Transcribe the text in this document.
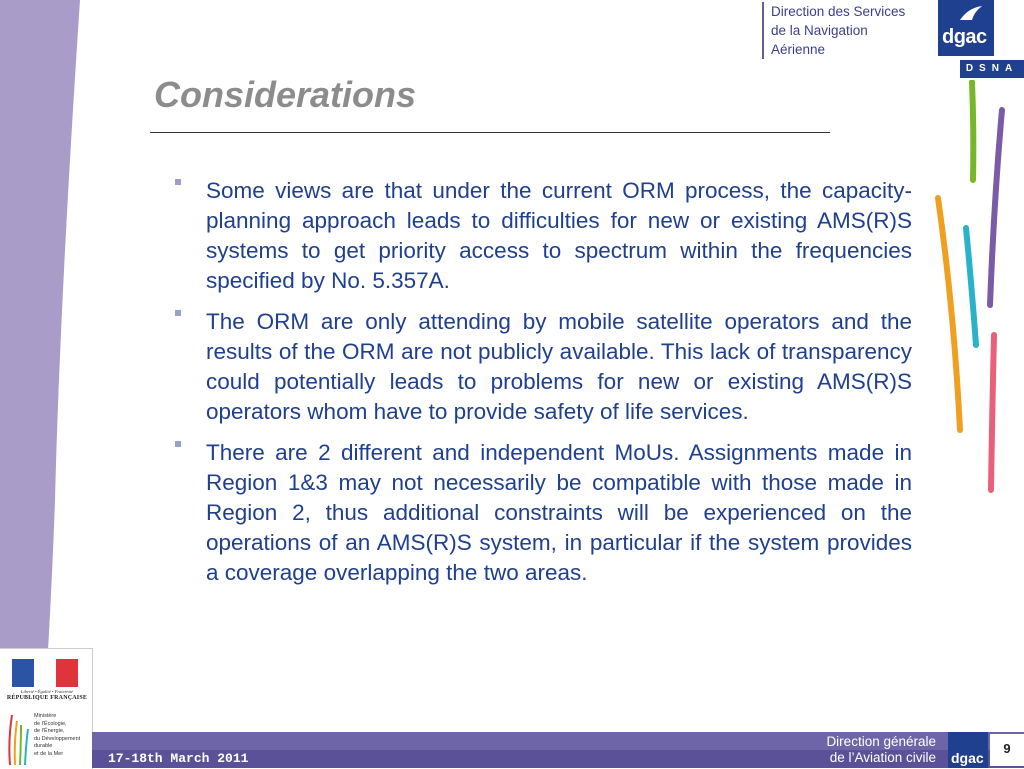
Direction des Services
de la Navigation
Aérienne
dgac
DSNA
Considerations
Some views are that under the current ORM process, the capacity-planning approach leads to difficulties for new or existing AMS(R)S systems to get priority access to spectrum within the frequencies specified by No. 5.357A.
The ORM are only attending by mobile satellite operators and the results of the ORM are not publicly available. This lack of transparency could potentially leads to problems for new or existing AMS(R)S operators whom have to provide safety of life services.
There are 2 different and independent MoUs. Assignments made in Region 1&3 may not necessarily be compatible with those made in Region 2, thus additional constraints will be experienced on the operations of an AMS(R)S system, in particular if the system provides a coverage overlapping the two areas.
Liberté • Égalité • Fraternité
RÉPUBLIQUE FRANÇAISE
Ministère
de l'Écologie,
de l'Énergie,
du Développement
durable
et de la Mer	17-18th March 2011
Direction générale
de l’Aviation civile dgac
9
